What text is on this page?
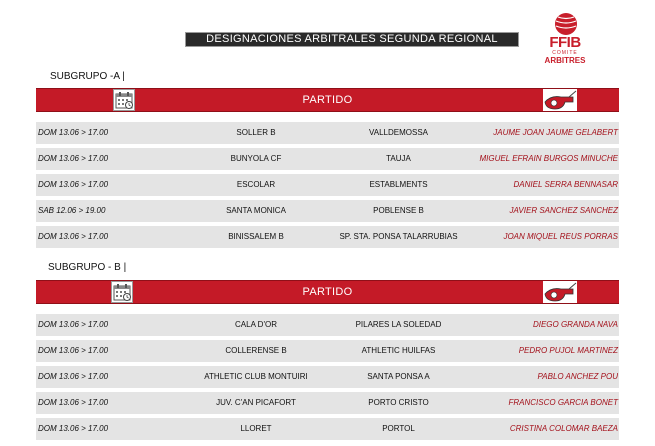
DESIGNACIONES ARBITRALES SEGUNDA REGIONAL	FFIB
COMITE
ARBITRES
SUBGRUPO -A |
PARTIDO
DOM 13.06 > 17.00	SOLLER B	VALLDEMOSSA	JAUME JOAN JAUME GELABERT
DOM 13.06 > 17.00	BUNYOLA CF	TAUJA	MIGUEL EFRAIN BURGOS MINUCHE
DOM 13.06 > 17.00	ESCOLAR	ESTABLMENTS	DANIEL SERRA BENNASAR
SAB 12.06 > 19.00	SANTA MONICA	POBLENSE B	JAVIER SANCHEZ SANCHEZ
DOM 13.06 > 17.00	BINISSALEM B	SP. STA. PONSA TALARRUBIAS	JOAN MIQUEL REUS PORRAS
SUBGRUPO - B |
PARTIDO
DOM 13.06 > 17.00	CALA D'OR	PILARES LA SOLEDAD	DIEGO GRANDA NAVA
DOM 13.06 > 17.00	COLLERENSE B	ATHLETIC HUILFAS	PEDRO PUJOL MARTINEZ
DOM 13.06 > 17.00	ATHLETIC CLUB MONTUIRI	SANTA PONSA A	PABLO ANCHEZ POU
DOM 13.06 > 17.00	JUV. C'AN PICAFORT	PORTO CRISTO	FRANCISCO GARCIA BONET
DOM 13.06 > 17.00	LLORET	PORTOL	CRISTINA COLOMAR BAEZA
